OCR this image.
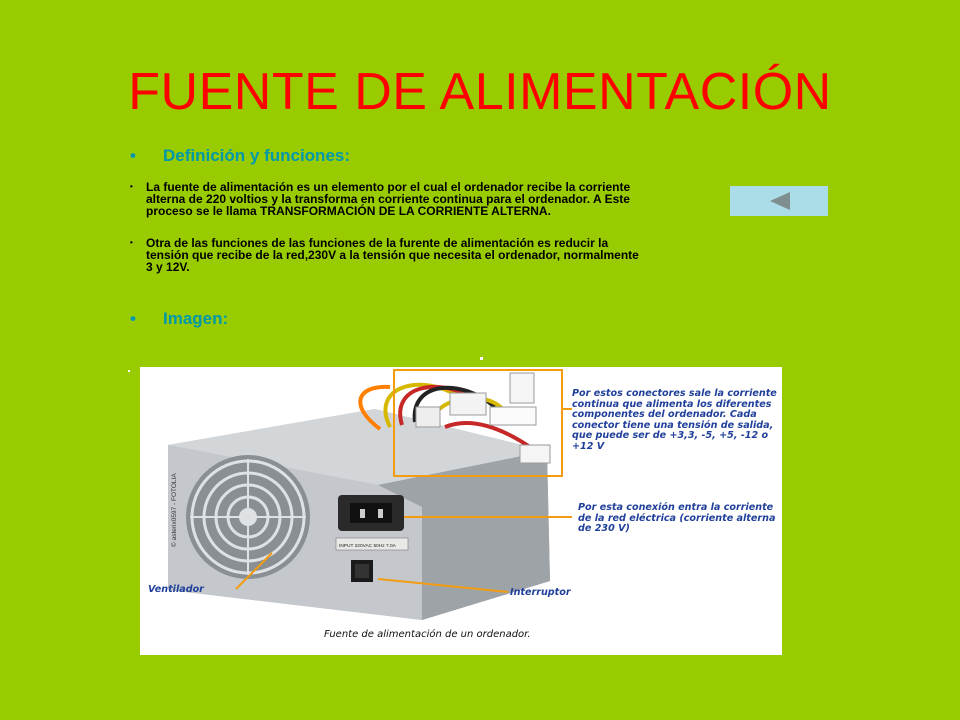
FUENTE DE ALIMENTACIÓN
• Definición y funciones:
• La fuente de alimentación es un elemento por el cual el ordenador recibe la corriente alterna de 220 voltios y la transforma en corriente continua para el ordenador. A Este proceso se le llama TRANSFORMACIÓN DE LA CORRIENTE ALTERNA.
• Otra de las funciones de las funciones de la furente de alimentación es reducir la tensión que recibe de la red,230V a la tensión que necesita el ordenador, normalmente 3 y 12V.
• Imagen:
© asterix0597 - FOTOLIA	INPUT 220VAC 50Hz 7.0A
Por estos conectores sale la corriente continua que alimenta los diferentes componentes del ordenador. Cada conector tiene una tensión de salida, que puede ser de +3,3, -5, +5, -12 o +12 V
Por esta conexión entra la corriente de la red eléctrica (corriente alterna de 230 V)
Ventilador	Interruptor
Fuente de alimentación de un ordenador.
